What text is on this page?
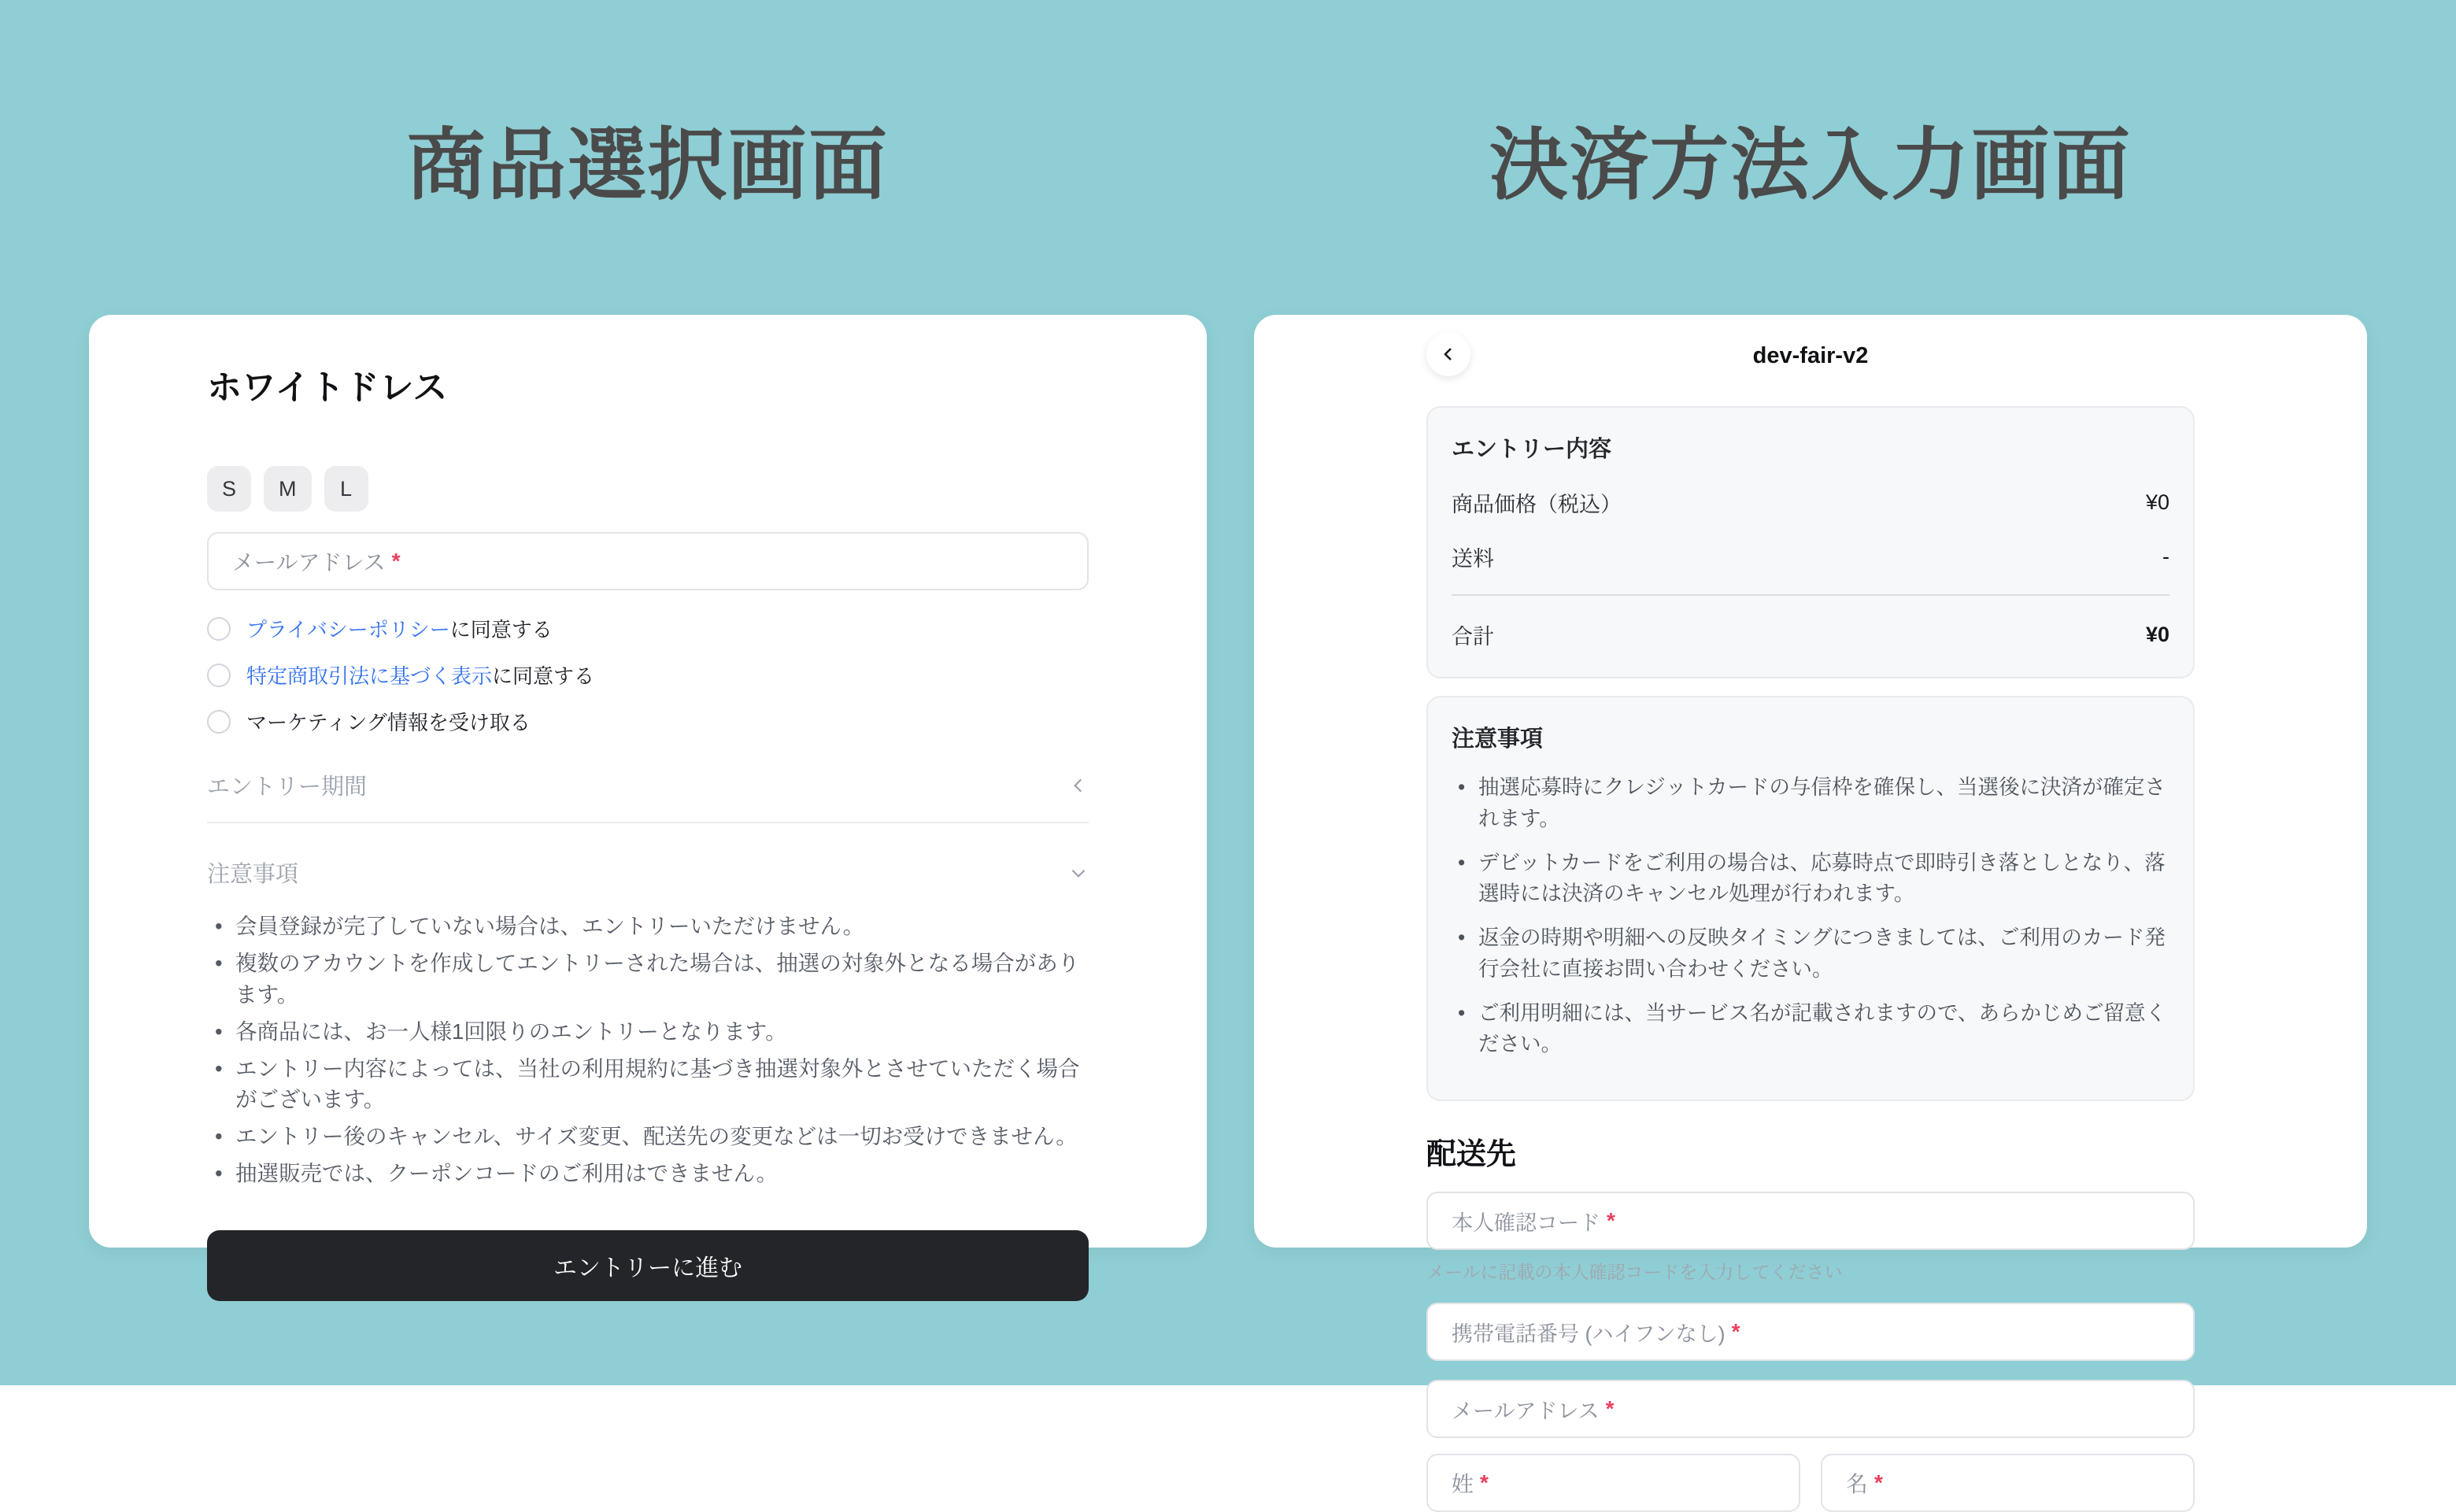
商品選択画面
ホワイトドレス
S	M	L
メールアドレス *
プライバシーポリシーに同意する
特定商取引法に基づく表示に同意する
マーケティング情報を受け取る
エントリー期間
注意事項
• 会員登録が完了していない場合は、エントリーいただけません。
• 複数のアカウントを作成してエントリーされた場合は、抽選の対象外となる場合があります。
• 各商品には、お一人様1回限りのエントリーとなります。
• エントリー内容によっては、当社の利用規約に基づき抽選対象外とさせていただく場合がございます。
• エントリー後のキャンセル、サイズ変更、配送先の変更などは一切お受けできません。
• 抽選販売では、クーポンコードのご利用はできません。
エントリーに進む
決済方法入力画面
dev-fair-v2
エントリー内容
商品価格（税込）	¥0
送料	-
合計	¥0
注意事項
• 抽選応募時にクレジットカードの与信枠を確保し、当選後に決済が確定されます。
• デビットカードをご利用の場合は、応募時点で即時引き落としとなり、落選時には決済のキャンセル処理が行われます。
• 返金の時期や明細への反映タイミングにつきましては、ご利用のカード発行会社に直接お問い合わせください。
• ご利用明細には、当サービス名が記載されますので、あらかじめご留意ください。
配送先
本人確認コード *
メールに記載の本人確認コードを入力してください
携帯電話番号 (ハイフンなし) *
メールアドレス *
姓 *	名 *
